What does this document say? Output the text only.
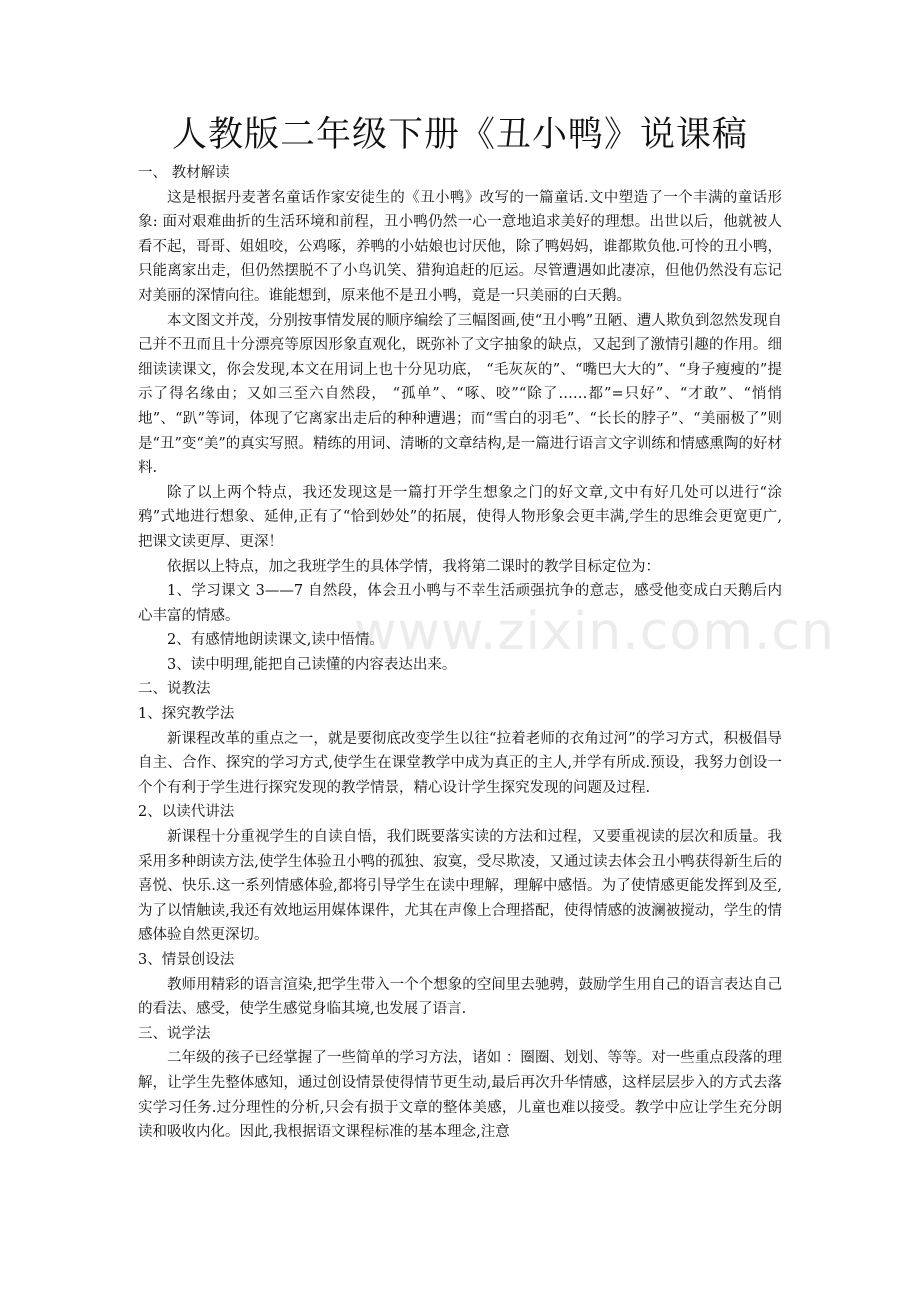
人教版二年级下册《丑小鸭》说课稿
www.zixin.com.cn

一、 教材解读

这是根据丹麦著名童话作家安徒生的《丑小鸭》改写的一篇童话.文中塑造了一个丰满的童话形象: 面对艰难曲折的生活环境和前程，丑小鸭仍然一心一意地追求美好的理想。出世以后，他就被人看不起，哥哥、姐姐咬，公鸡啄，养鸭的小姑娘也讨厌他，除了鸭妈妈，谁都欺负他.可怜的丑小鸭，只能离家出走，但仍然摆脱不了小鸟讥笑、猎狗追赶的厄运。尽管遭遇如此凄凉，但他仍然没有忘记对美丽的深情向往。谁能想到，原来他不是丑小鸭，竟是一只美丽的白天鹅。

本文图文并茂，分别按事情发展的顺序编绘了三幅图画,使“丑小鸭”丑陋、遭人欺负到忽然发现自己并不丑而且十分漂亮等原因形象直观化，既弥补了文字抽象的缺点，又起到了激情引趣的作用。细细读读课文，你会发现,本文在用词上也十分见功底， “毛灰灰的”、“嘴巴大大的”、“身子瘦瘦的”提示了得名缘由；又如三至六自然段， “孤单”、“啄、咬”“除了……都”=只好”、“才敢”、“悄悄地”、“趴”等词，体现了它离家出走后的种种遭遇；而“雪白的羽毛”、“长长的脖子”、“美丽极了”则是“丑”变“美”的真实写照。精练的用词、清晰的文章结构,是一篇进行语言文字训练和情感熏陶的好材料.

除了以上两个特点，我还发现这是一篇打开学生想象之门的好文章,文中有好几处可以进行“涂鸦”式地进行想象、延伸,正有了“恰到妙处”的拓展，使得人物形象会更丰满,学生的思维会更宽更广,把课文读更厚、更深！

依据以上特点，加之我班学生的具体学情，我将第二课时的教学目标定位为：

1、学习课文 3——7 自然段，体会丑小鸭与不幸生活顽强抗争的意志，感受他变成白天鹅后内心丰富的情感。

2、有感情地朗读课文,读中悟情。

3、读中明理,能把自己读懂的内容表达出来。

二、说教法

1、探究教学法

新课程改革的重点之一，就是要彻底改变学生以往“拉着老师的衣角过河”的学习方式，积极倡导自主、合作、探究的学习方式,使学生在课堂教学中成为真正的主人,并学有所成.预设，我努力创设一个个有利于学生进行探究发现的教学情景，精心设计学生探究发现的问题及过程.

2、以读代讲法

新课程十分重视学生的自读自悟，我们既要落实读的方法和过程，又要重视读的层次和质量。我采用多种朗读方法,使学生体验丑小鸭的孤独、寂寞，受尽欺凌，又通过读去体会丑小鸭获得新生后的喜悦、快乐.这一系列情感体验,都将引导学生在读中理解，理解中感悟。为了使情感更能发挥到及至,为了以情触读,我还有效地运用媒体课件，尤其在声像上合理搭配，使得情感的波澜被搅动，学生的情感体验自然更深切。

3、情景创设法

教师用精彩的语言渲染,把学生带入一个个想象的空间里去驰骋，鼓励学生用自己的语言表达自己的看法、感受，使学生感觉身临其境,也发展了语言.

三、说学法

二年级的孩子已经掌握了一些简单的学习方法，诸如 ：圈圈、划划、等等。对一些重点段落的理解，让学生先整体感知，通过创设情景使得情节更生动,最后再次升华情感，这样层层步入的方式去落实学习任务.过分理性的分析,只会有损于文章的整体美感，儿童也难以接受。教学中应让学生充分朗读和吸收内化。因此,我根据语文课程标准的基本理念,注意
